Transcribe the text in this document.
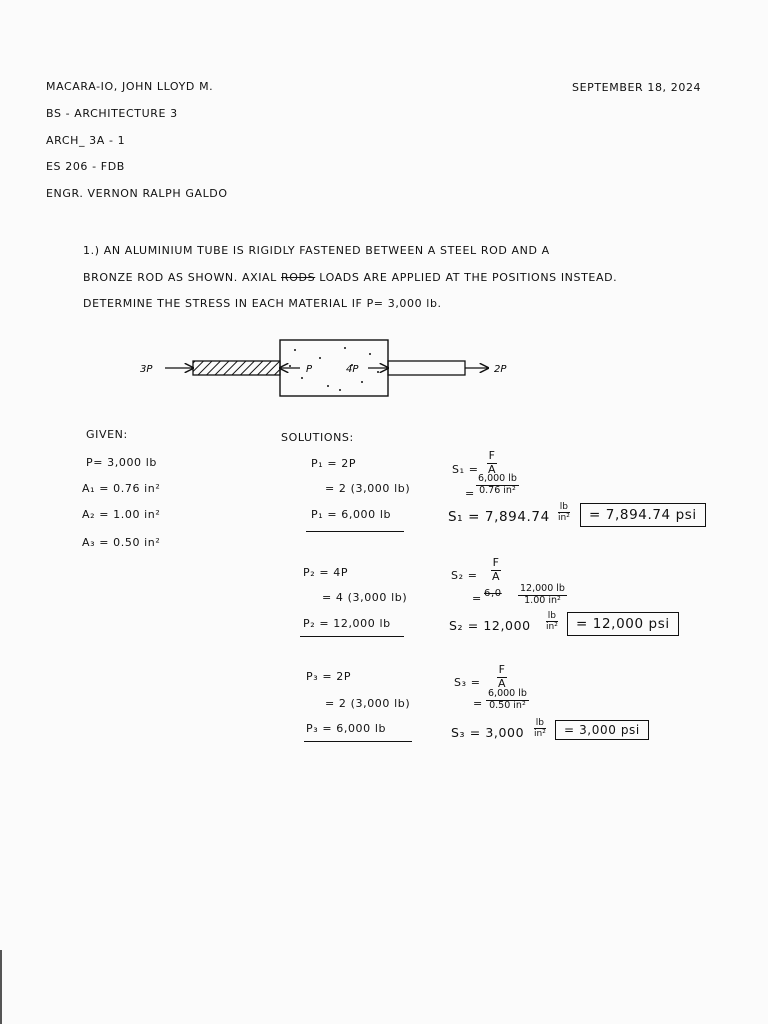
MACARA-IO, JOHN LLOYD M.
BS - ARCHITECTURE 3
ARCH_ 3A - 1
ES 206 - FDB
ENGR. VERNON RALPH GALDO
SEPTEMBER 18, 2024
1.) AN ALUMINIUM TUBE IS RIGIDLY FASTENED BETWEEN A STEEL ROD AND A
BRONZE ROD AS SHOWN. AXIAL RODS LOADS ARE APPLIED AT THE POSITIONS INSTEAD.
DETERMINE THE STRESS IN EACH MATERIAL IF P= 3,000 lb.
3P	P	4P	2P
GIVEN:
P= 3,000 lb
A₁ = 0.76 in²
A₂ = 1.00 in²
A₃ = 0.50 in²
SOLUTIONS:
P₁ = 2P
= 2 (3,000 lb)
P₁ = 6,000 lb
$S_1 = \frac{F}{A}$
= $\frac{6,000 lb}{\text{0.76 in²}}$
$S_1 = 7,894.74 \frac{lb}{\text{in²}}$	= 7,894.74 psi
P₂ = 4P
= 4 (3,000 lb)
P₂ = 12,000 lb
$S_2 = \frac{F}{A}$
= $6,0 \frac{12,000 lb}{\text{1.00 in²}}$
$S_2 = 12,000 \frac{lb}{\text{in²}}$	= 12,000 psi
P₃ = 2P
= 2 (3,000 lb)
P₃ = 6,000 lb
$S_3 = \frac{F}{A}$
= $\frac{6,000 lb}{\text{0.50 in²}}$
$S_3 = 3,000 \frac{lb}{\text{in²}}$	= 3,000 psi
